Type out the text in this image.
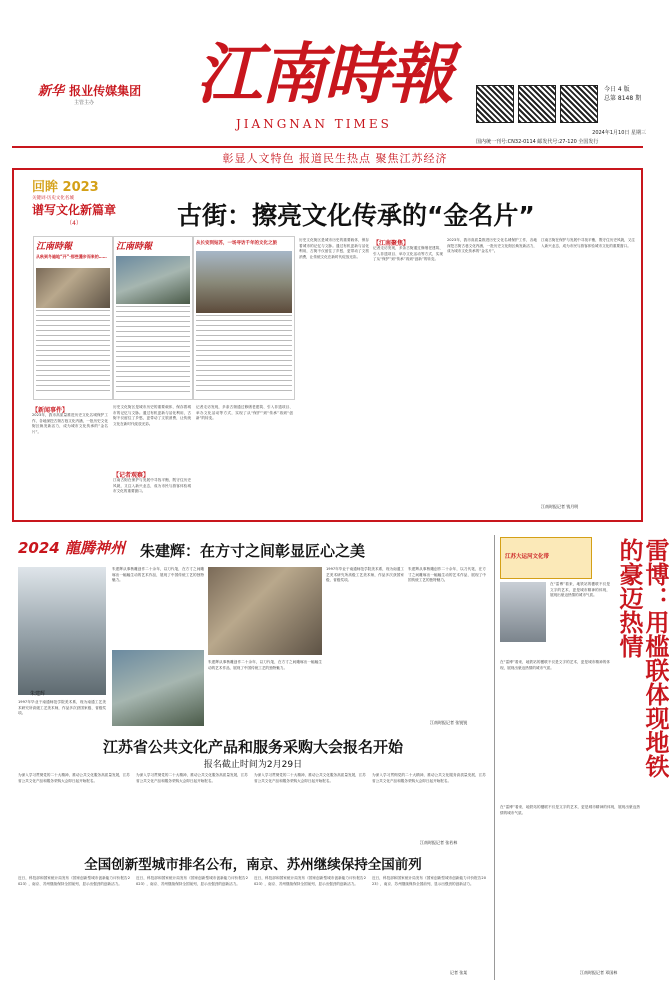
新华 报业传媒集团
主管主办	江南時報
JIANGNAN TIMES
今日 4 版
总第 8148 期
2024年1月10日 星期三
国内统一刊号:CN32-0114 邮发代号:27-120 全国发行
彰显人文特色 报道民生热点 聚焦江苏经济
回眸 2023
关键词·历史文化名城
谱写文化新篇章
（4）	古街：擦亮文化传承的“金名片”
江南時報
从秋到冬遍地“开”·那些漫步而来的……
江南時報	从长安到姑苏，一场寻访千年的文化之旅
【新闻事件】
2023年，我市高质量推进历史文化名城保护工作，各地深挖古街古巷文化内涵，一批历史文化街区焕发新活力，成为城市文化传承的“金名片”。
历史文化街区是城市历史的重要载体，保存着城市的记忆与文脉。通过有机更新与活化利用，古街不仅留住了乡愁，更带动了文旅消费，让传统文化在新时代绽放光彩。
【记者观察】
江南古街在保护与发展中寻找平衡，既守住历史风貌，又注入新兴业态，成为市民与游客体验城市文化的重要窗口。
记者走访发现，多条古街通过修缮老建筑、引入非遗项目、举办文化活动等方式，实现了从“保护”到“传承”再到“创新”的转变。
历史文化街区是城市历史的重要载体，保存着城市的记忆与文脉。通过有机更新与活化利用，古街不仅留住了乡愁，更带动了文旅消费，让传统文化在新时代绽放光彩。
【江南聚焦】
记者走访发现，多条古街通过修缮老建筑、引入非遗项目、举办文化活动等方式，实现了从“保护”到“传承”再到“创新”的转变。
2023年，我市高质量推进历史文化名城保护工作，各地深挖古街古巷文化内涵，一批历史文化街区焕发新活力，成为城市文化传承的“金名片”。
江南古街在保护与发展中寻找平衡，既守住历史风貌，又注入新兴业态，成为市民与游客体验城市文化的重要窗口。
江南时报记者 钱月明
2024 龍腾神州 朱建辉：在方寸之间彰显匠心之美
朱建辉
1997年毕业于南通师范学院美术系，现为南通工艺美术研究所高级工艺美术师，作品多次获国家级、省级奖项。
朱建辉从事核雕创作二十余年，以刀代笔，在方寸之间雕琢出一幅幅生动的艺术作品，展现了中国传统工艺的独特魅力。
朱建辉从事核雕创作二十余年，以刀代笔，在方寸之间雕琢出一幅幅生动的艺术作品，展现了中国传统工艺的独特魅力。
1997年毕业于南通师范学院美术系，现为南通工艺美术研究所高级工艺美术师，作品多次获国家级、省级奖项。
朱建辉从事核雕创作二十余年，以刀代笔，在方寸之间雕琢出一幅幅生动的艺术作品，展现了中国传统工艺的独特魅力。
江南时报记者 张锐锐
江苏大运河文化带	雷博：用槛联体现地铁的豪迈热情
在“雷博”看来，地铁站的楹联不仅是文字的艺术，更是城市精神的体现，展现出豪迈热情的城市气质。
在“雷博”看来，地铁站的楹联不仅是文字的艺术，更是城市精神的体现，展现出豪迈热情的城市气质。
在“雷博”看来，地铁站的楹联不仅是文字的艺术，更是城市精神的体现，展现出豪迈热情的城市气质。
江南时报记者 邓国林
江苏省公共文化产品和服务采购大会报名开始
报名截止时间为2月29日
为深入学习贯彻党的二十大精神，推动公共文化服务高质量发展，江苏省公共文化产品和服务采购大会即日起开始报名。
为深入学习贯彻党的二十大精神，推动公共文化服务高质量发展，江苏省公共文化产品和服务采购大会即日起开始报名。
为深入学习贯彻党的二十大精神，推动公共文化服务高质量发展，江苏省公共文化产品和服务采购大会即日起开始报名。
为深入学习贯彻党的二十大精神，推动公共文化服务高质量发展，江苏省公共文化产品和服务采购大会即日起开始报名。
江南时报记者 张若林
全国创新型城市排名公布，南京、苏州继续保持全国前列
近日，科技部和国家统计局发布《国家创新型城市创新能力评价报告2023》，南京、苏州继续保持全国前列，显示出强劲的创新活力。
近日，科技部和国家统计局发布《国家创新型城市创新能力评价报告2023》，南京、苏州继续保持全国前列，显示出强劲的创新活力。
近日，科技部和国家统计局发布《国家创新型城市创新能力评价报告2023》，南京、苏州继续保持全国前列，显示出强劲的创新活力。
近日，科技部和国家统计局发布《国家创新型城市创新能力评价报告2023》，南京、苏州继续保持全国前列，显示出强劲的创新活力。
记者 张某
